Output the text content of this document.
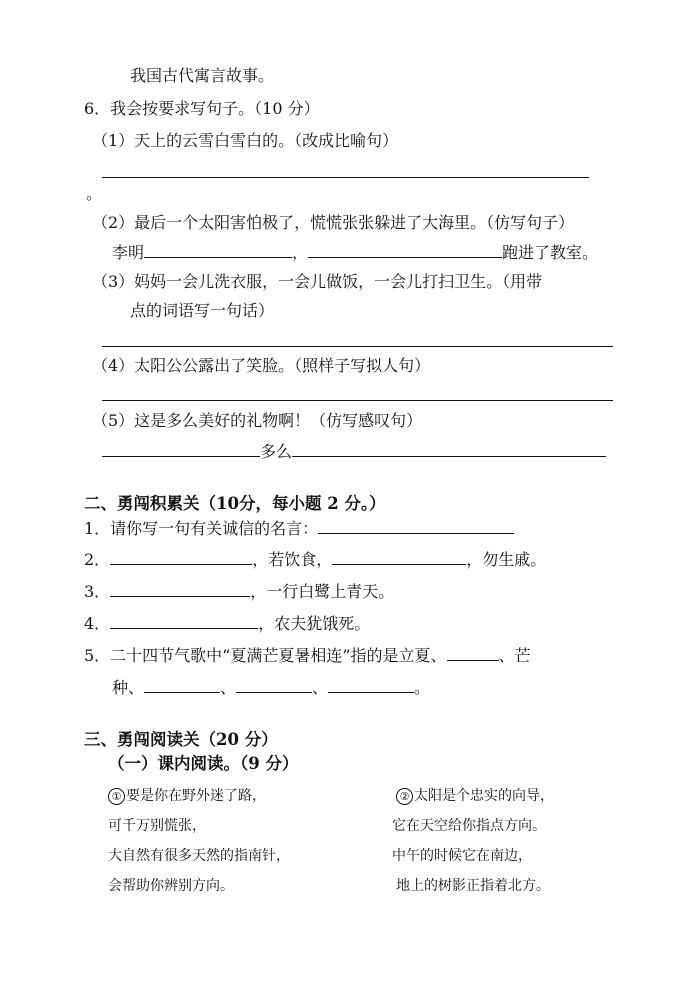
我国古代寓言故事。
6．我会按要求写句子。（10 分）
（1）天上的云雪白雪白的。（改成比喻句）
。
（2）最后一个太阳害怕极了，慌慌张张躲进了大海里。（仿写句子）
李明	，	跑进了教室。
（3）妈妈一会儿洗衣服，一会儿做饭，一会儿打扫卫生。（用带
点的词语写一句话）
（4）太阳公公露出了笑脸。（照样子写拟人句）
（5）这是多么美好的礼物啊！（仿写感叹句）
多么
二、勇闯积累关（10分，每小题 2 分。）
1．请你写一句有关诚信的名言：
2．	，若饮食，	，勿生戚。
3．	，一行白鹭上青天。
4．	，农夫犹饿死。
5．二十四节气歌中“夏满芒夏暑相连”指的是立夏、	、芒
种、	、	、	。
三、勇闯阅读关（20 分）
（一）课内阅读。（9 分）
① 要是你在野外迷了路，
可千万别慌张，
大自然有很多天然的指南针，
会帮助你辨别方向。
② 太阳是个忠实的向导，
它在天空给你指点方向。
中午的时候它在南边，
地上的树影正指着北方。
